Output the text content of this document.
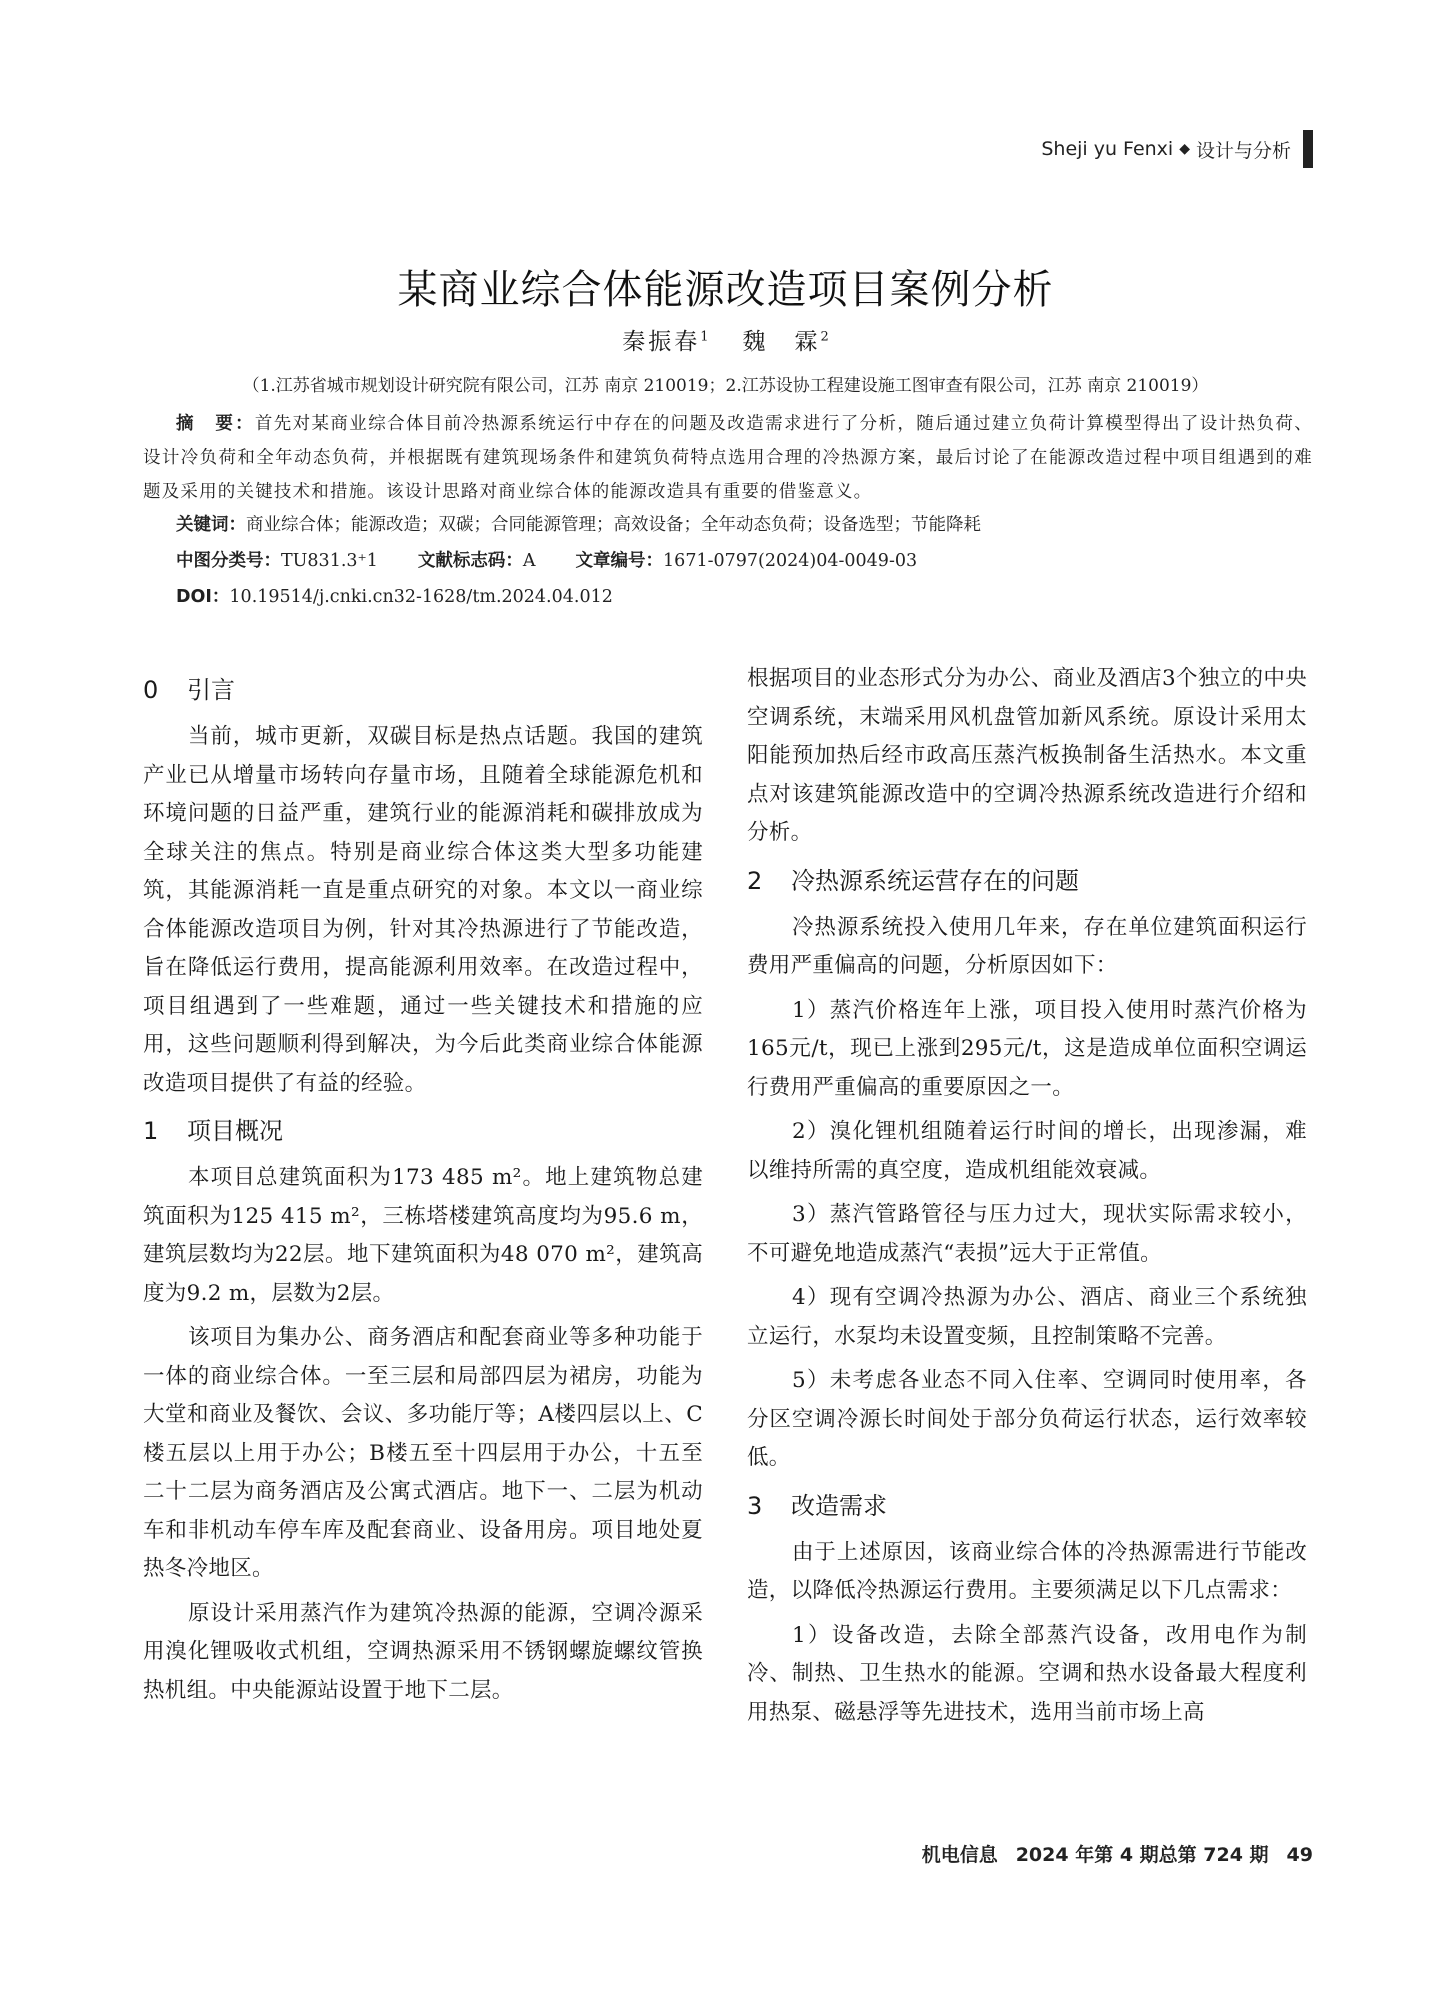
Sheji yu Fenxi ◆ 设计与分析
某商业综合体能源改造项目案例分析
秦振春$^1$ 魏　霖$^2$
（1.江苏省城市规划设计研究院有限公司，江苏 南京 210019；2.江苏设协工程建设施工图审查有限公司，江苏 南京 210019）

摘　要：首先对某商业综合体目前冷热源系统运行中存在的问题及改造需求进行了分析，随后通过建立负荷计算模型得出了设计热负荷、设计冷负荷和全年动态负荷，并根据既有建筑现场条件和建筑负荷特点选用合理的冷热源方案，最后讨论了在能源改造过程中项目组遇到的难题及采用的关键技术和措施。该设计思路对商业综合体的能源改造具有重要的借鉴意义。

关键词：商业综合体；能源改造；双碳；合同能源管理；高效设备；全年动态负荷；设备选型；节能降耗
中图分类号：TU831.3⁺1 文献标志码：A 文章编号：1671-0797(2024)04-0049-03
DOI：10.19514/j.cnki.cn32-1628/tm.2024.04.012
0 引言

当前，城市更新，双碳目标是热点话题。我国的建筑产业已从增量市场转向存量市场，且随着全球能源危机和环境问题的日益严重，建筑行业的能源消耗和碳排放成为全球关注的焦点。特别是商业综合体这类大型多功能建筑，其能源消耗一直是重点研究的对象。本文以一商业综合体能源改造项目为例，针对其冷热源进行了节能改造，旨在降低运行费用，提高能源利用效率。在改造过程中，项目组遇到了一些难题，通过一些关键技术和措施的应用，这些问题顺利得到解决，为今后此类商业综合体能源改造项目提供了有益的经验。

1 项目概况

本项目总建筑面积为173 485 m²。地上建筑物总建筑面积为125 415 m²，三栋塔楼建筑高度均为95.6 m，建筑层数均为22层。地下建筑面积为48 070 m²，建筑高度为9.2 m，层数为2层。

该项目为集办公、商务酒店和配套商业等多种功能于一体的商业综合体。一至三层和局部四层为裙房，功能为大堂和商业及餐饮、会议、多功能厅等；A楼四层以上、C楼五层以上用于办公；B楼五至十四层用于办公，十五至二十二层为商务酒店及公寓式酒店。地下一、二层为机动车和非机动车停车库及配套商业、设备用房。项目地处夏热冬冷地区。

原设计采用蒸汽作为建筑冷热源的能源，空调冷源采用溴化锂吸收式机组，空调热源采用不锈钢螺旋螺纹管换热机组。中央能源站设置于地下二层。

根据项目的业态形式分为办公、商业及酒店3个独立的中央空调系统，末端采用风机盘管加新风系统。原设计采用太阳能预加热后经市政高压蒸汽板换制备生活热水。本文重点对该建筑能源改造中的空调冷热源系统改造进行介绍和分析。

2 冷热源系统运营存在的问题

冷热源系统投入使用几年来，存在单位建筑面积运行费用严重偏高的问题，分析原因如下：

1）蒸汽价格连年上涨，项目投入使用时蒸汽价格为165元/t，现已上涨到295元/t，这是造成单位面积空调运行费用严重偏高的重要原因之一。

2）溴化锂机组随着运行时间的增长，出现渗漏，难以维持所需的真空度，造成机组能效衰减。

3）蒸汽管路管径与压力过大，现状实际需求较小，不可避免地造成蒸汽“表损”远大于正常值。

4）现有空调冷热源为办公、酒店、商业三个系统独立运行，水泵均未设置变频，且控制策略不完善。

5）未考虑各业态不同入住率、空调同时使用率，各分区空调冷源长时间处于部分负荷运行状态，运行效率较低。

3 改造需求

由于上述原因，该商业综合体的冷热源需进行节能改造，以降低冷热源运行费用。主要须满足以下几点需求：

1）设备改造，去除全部蒸汽设备，改用电作为制冷、制热、卫生热水的能源。空调和热水设备最大程度利用热泵、磁悬浮等先进技术，选用当前市场上高

机电信息 2024 年第 4 期总第 724 期 49
